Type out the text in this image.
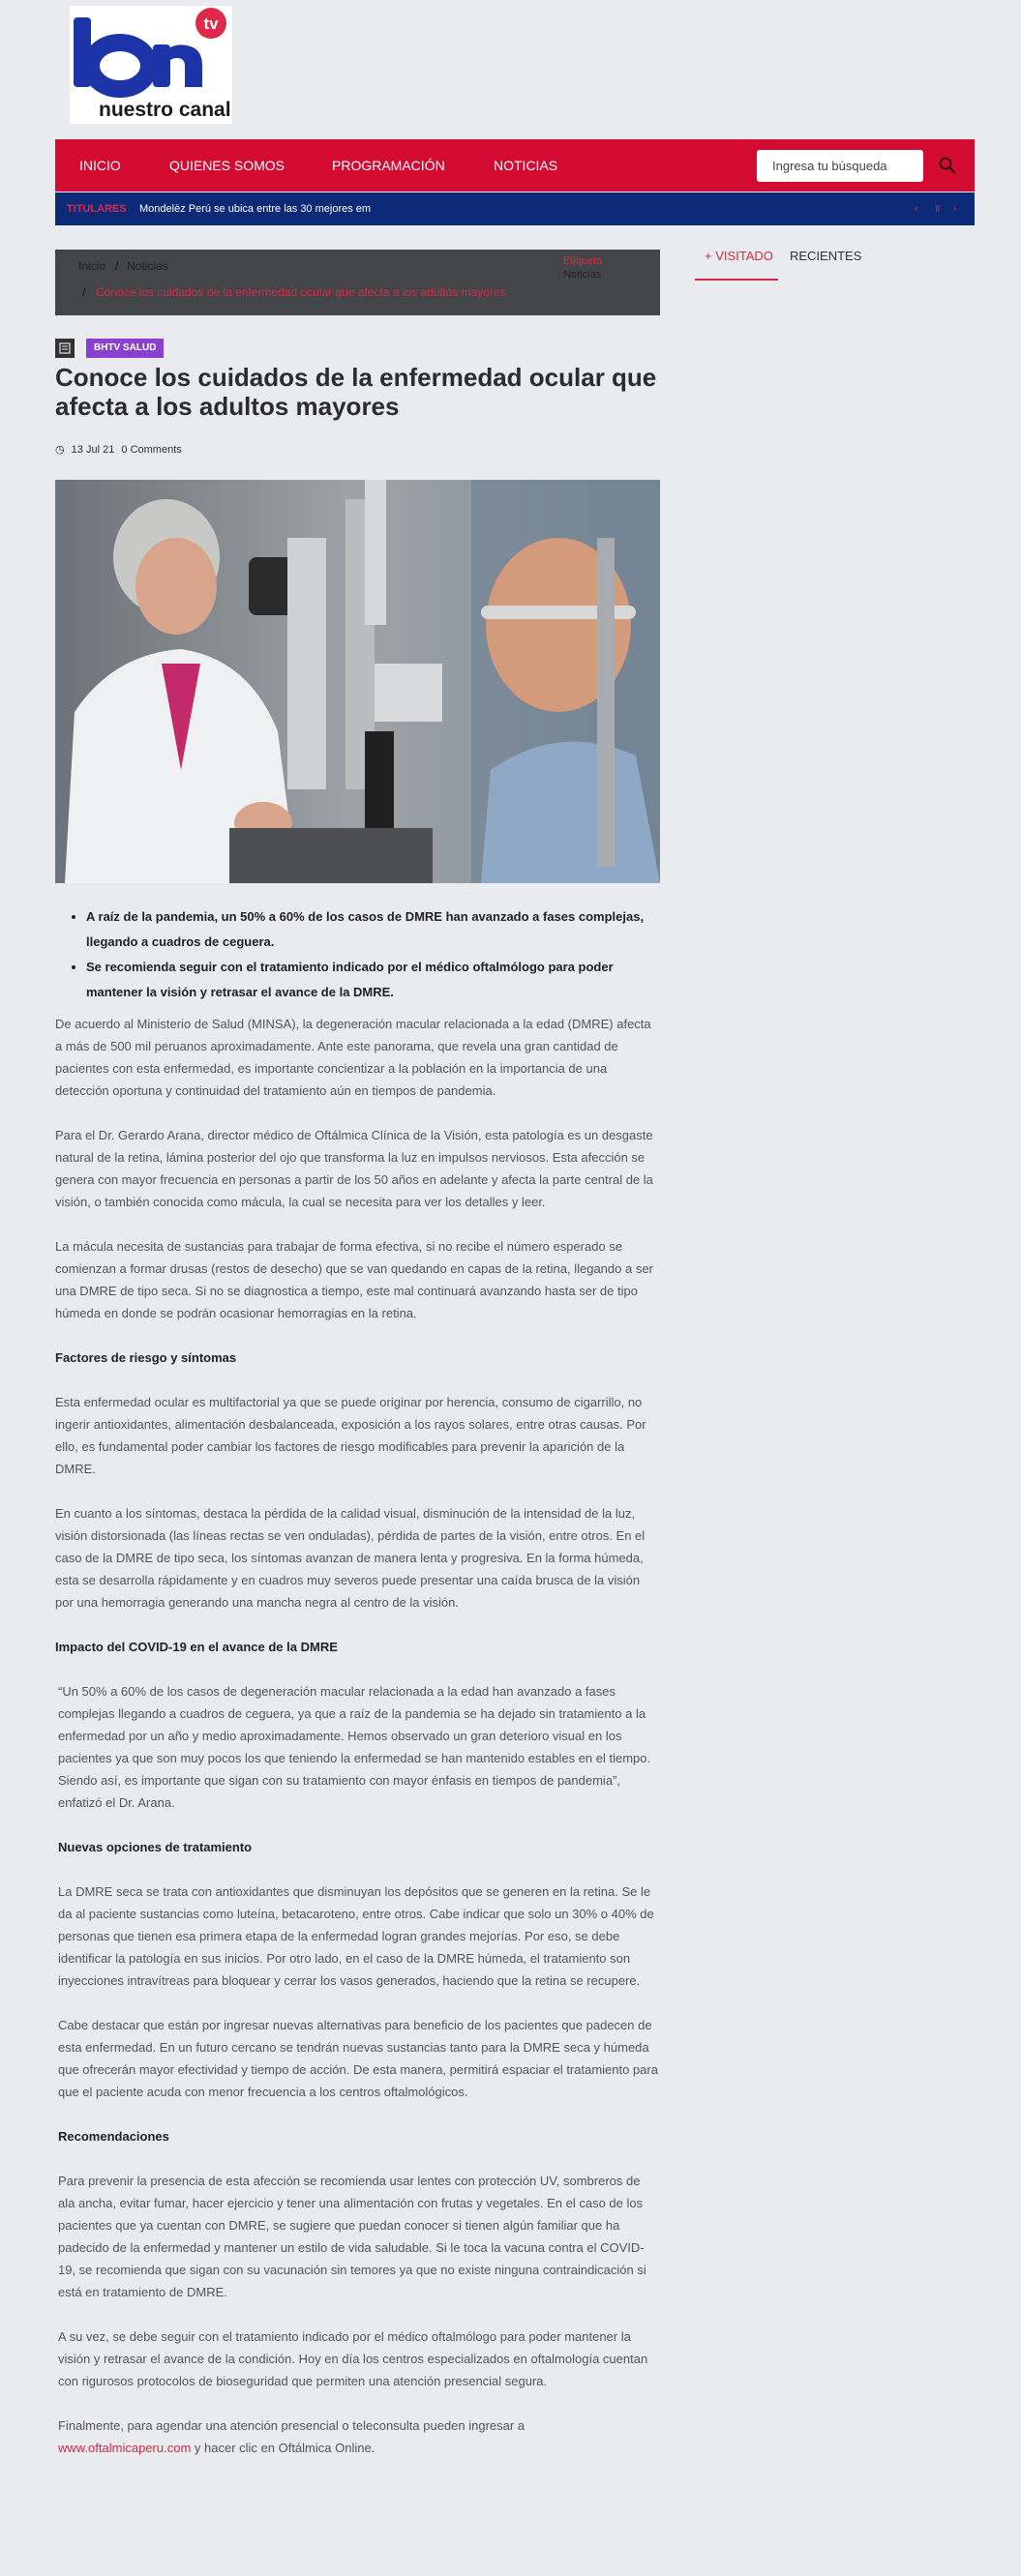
tv
nuestro canal
INICIO	QUIENES SOMOS	PROGRAMACIÓN	NOTICIAS
Ingresa tu búsqueda
TITULARES Mondelēz Perú se ubica entre las 30 mejores em	‹ ॥ ›
Inicio / Noticias
/ Conoce los cuidados de la enfermedad ocular que afecta a los adultos mayores
Etiqueta
Noticias
+ VISITADO	RECIENTES
BHTV SALUD
Conoce los cuidados de la enfermedad ocular que afecta a los adultos mayores
◷ 13 Jul 21 0 Comments
• A raíz de la pandemia, un 50% a 60% de los casos de DMRE han avanzado a fases complejas, llegando a cuadros de ceguera.
• Se recomienda seguir con el tratamiento indicado por el médico oftalmólogo para poder mantener la visión y retrasar el avance de la DMRE.

De acuerdo al Ministerio de Salud (MINSA), la degeneración macular relacionada a la edad (DMRE) afecta a más de 500 mil peruanos aproximadamente. Ante este panorama, que revela una gran cantidad de pacientes con esta enfermedad, es importante concientizar a la población en la importancia de una detección oportuna y continuidad del tratamiento aún en tiempos de pandemia.

Para el Dr. Gerardo Arana, director médico de Oftálmica Clínica de la Visión, esta patología es un desgaste natural de la retina, lámina posterior del ojo que transforma la luz en impulsos nerviosos. Esta afección se genera con mayor frecuencia en personas a partir de los 50 años en adelante y afecta la parte central de la visión, o también conocida como mácula, la cual se necesita para ver los detalles y leer.

La mácula necesita de sustancias para trabajar de forma efectiva, si no recibe el número esperado se comienzan a formar drusas (restos de desecho) que se van quedando en capas de la retina, llegando a ser una DMRE de tipo seca. Si no se diagnostica a tiempo, este mal continuará avanzando hasta ser de tipo húmeda en donde se podrán ocasionar hemorragias en la retina.

Factores de riesgo y síntomas

Esta enfermedad ocular es multifactorial ya que se puede originar por herencia, consumo de cigarrillo, no ingerir antioxidantes, alimentación desbalanceada, exposición a los rayos solares, entre otras causas. Por ello, es fundamental poder cambiar los factores de riesgo modificables para prevenir la aparición de la DMRE.

En cuanto a los síntomas, destaca la pérdida de la calidad visual, disminución de la intensidad de la luz, visión distorsionada (las líneas rectas se ven onduladas), pérdida de partes de la visión, entre otros. En el caso de la DMRE de tipo seca, los síntomas avanzan de manera lenta y progresiva. En la forma húmeda, esta se desarrolla rápidamente y en cuadros muy severos puede presentar una caída brusca de la visión por una hemorragia generando una mancha negra al centro de la visión.

Impacto del COVID-19 en el avance de la DMRE

“Un 50% a 60% de los casos de degeneración macular relacionada a la edad han avanzado a fases complejas llegando a cuadros de ceguera, ya que a raíz de la pandemia se ha dejado sin tratamiento a la enfermedad por un año y medio aproximadamente. Hemos observado un gran deterioro visual en los pacientes ya que son muy pocos los que teniendo la enfermedad se han mantenido estables en el tiempo. Siendo así, es importante que sigan con su tratamiento con mayor énfasis en tiempos de pandemia”, enfatizó el Dr. Arana.

Nuevas opciones de tratamiento

La DMRE seca se trata con antioxidantes que disminuyan los depósitos que se generen en la retina. Se le da al paciente sustancias como luteína, betacaroteno, entre otros. Cabe indicar que solo un 30% o 40% de personas que tienen esa primera etapa de la enfermedad logran grandes mejorías. Por eso, se debe identificar la patología en sus inicios. Por otro lado, en el caso de la DMRE húmeda, el tratamiento son inyecciones intravítreas para bloquear y cerrar los vasos generados, haciendo que la retina se recupere.

Cabe destacar que están por ingresar nuevas alternativas para beneficio de los pacientes que padecen de esta enfermedad. En un futuro cercano se tendrán nuevas sustancias tanto para la DMRE seca y húmeda que ofrecerán mayor efectividad y tiempo de acción. De esta manera, permitirá espaciar el tratamiento para que el paciente acuda con menor frecuencia a los centros oftalmológicos.

Recomendaciones

Para prevenir la presencia de esta afección se recomienda usar lentes con protección UV, sombreros de ala ancha, evitar fumar, hacer ejercicio y tener una alimentación con frutas y vegetales. En el caso de los pacientes que ya cuentan con DMRE, se sugiere que puedan conocer si tienen algún familiar que ha padecido de la enfermedad y mantener un estilo de vida saludable. Si le toca la vacuna contra el COVID-19, se recomienda que sigan con su vacunación sin temores ya que no existe ninguna contraindicación si está en tratamiento de DMRE.

A su vez, se debe seguir con el tratamiento indicado por el médico oftalmólogo para poder mantener la visión y retrasar el avance de la condición. Hoy en día los centros especializados en oftalmología cuentan con rigurosos protocolos de bioseguridad que permiten una atención presencial segura.

Finalmente, para agendar una atención presencial o teleconsulta pueden ingresar a
www.oftalmicaperu.com y hacer clic en Oftálmica Online.
